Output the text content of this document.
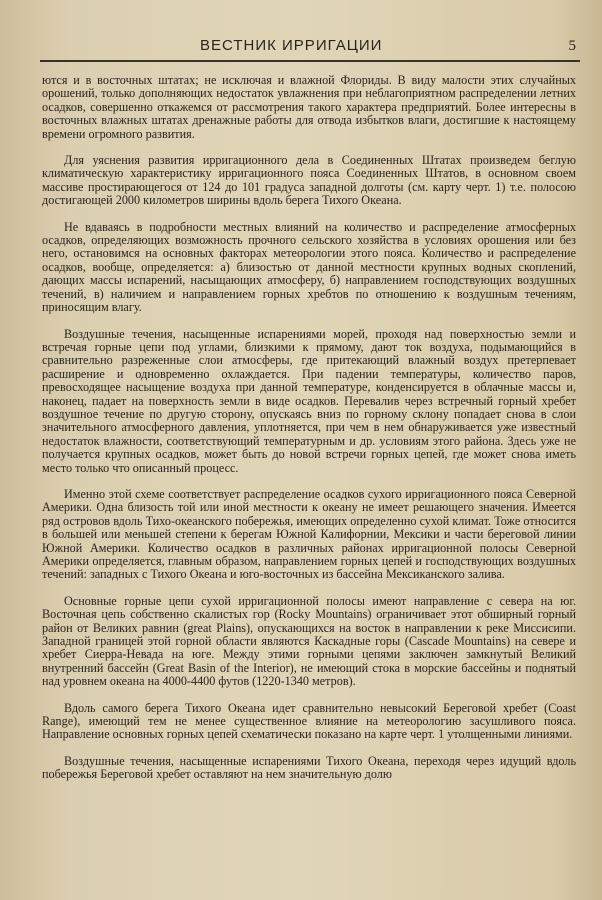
ВЕСТНИК ИРРИГАЦИИ	5

ются и в восточных штатах; не исключая и влажной Флориды. В виду малости этих случайных орошений, только дополняющих недостаток увлажнения при неблагоприятном распределении летних осадков, совершенно откажемся от рассмотрения такого характера предприятий. Более интересны в восточных влажных штатах дренажные работы для отвода избытков влаги, достигшие к настоящему времени огромного развития.

Для уяснения развития ирригационного дела в Соединенных Штатах произведем беглую климатическую характеристику ирригационного пояса Соединенных Штатов, в основном своем массиве простирающегося от 124 до 101 градуса западной долготы (см. карту черт. 1) т.е. полосою достигающей 2000 километров ширины вдоль берега Тихого Океана.

Не вдаваясь в подробности местных влияний на количество и распределение атмосферных осадков, определяющих возможность прочного сельского хозяйства в условиях орошения или без него, остановимся на основных факторах метеорологии этого пояса. Количество и распределение осадков, вообще, определяется: а) близостью от данной местности крупных водных скоплений, дающих массы испарений, насыщающих атмосферу, б) направлением господствующих воздушных течений, в) наличием и направлением горных хребтов по отношению к воздушным течениям, приносящим влагу.

Воздушные течения, насыщенные испарениями морей, проходя над поверхностью земли и встречая горные цепи под углами, близкими к прямому, дают ток воздуха, подымающийся в сравнительно разреженные слои атмосферы, где притекающий влажный воздух претерпевает расширение и одновременно охлаждается. При падении температуры, количество паров, превосходящее насыщение воздуха при данной температуре, конденсируется в облачные массы и, наконец, падает на поверхность земли в виде осадков. Перевалив через встречный горный хребет воздушное течение по другую сторону, опускаясь вниз по горному склону попадает снова в слои значительного атмосферного давления, уплотняется, при чем в нем обнаруживается уже известный недостаток влажности, соответствующий температурным и др. условиям этого района. Здесь уже не получается крупных осадков, может быть до новой встречи горных цепей, где может снова иметь место только что описанный процесс.

Именно этой схеме соответствует распределение осадков сухого ирригационного пояса Северной Америки. Одна близость той или иной местности к океану не имеет решающего значения. Имеется ряд островов вдоль Тихо-океанского побережья, имеющих определенно сухой климат. Тоже относится в большей или меньшей степени к берегам Южной Калифорнии, Мексики и части береговой линии Южной Америки. Количество осадков в различных районах ирригационной полосы Северной Америки определяется, главным образом, направлением горных цепей и господствующих воздушных течений: западных с Тихого Океана и юго-восточных из бассейна Мексиканского залива.

Основные горные цепи сухой ирригационной полосы имеют направление с севера на юг. Восточная цепь собственно скалистых гор (Rocky Mountains) ограничивает этот обширный горный район от Великих равнин (great Plains), опускающихся на восток в направлении к реке Миссисипи. Западной границей этой горной области являются Каскадные горы (Cascade Mountains) на севере и хребет Сиерра-Невада на юге. Между этими горными цепями заключен замкнутый Великий внутренний бассейн (Great Basin of the Interior), не имеющий стока в морские бассейны и поднятый над уровнем океана на 4000-4400 футов (1220-1340 метров).

Вдоль самого берега Тихого Океана идет сравнительно невысокий Береговой хребет (Coast Range), имеющий тем не менее существенное влияние на метеорологию засушливого пояса. Направление основных горных цепей схематически показано на карте черт. 1 утолщенными линиями.

Воздушные течения, насыщенные испарениями Тихого Океана, переходя через идущий вдоль побережья Береговой хребет оставляют на нем значительную долю
